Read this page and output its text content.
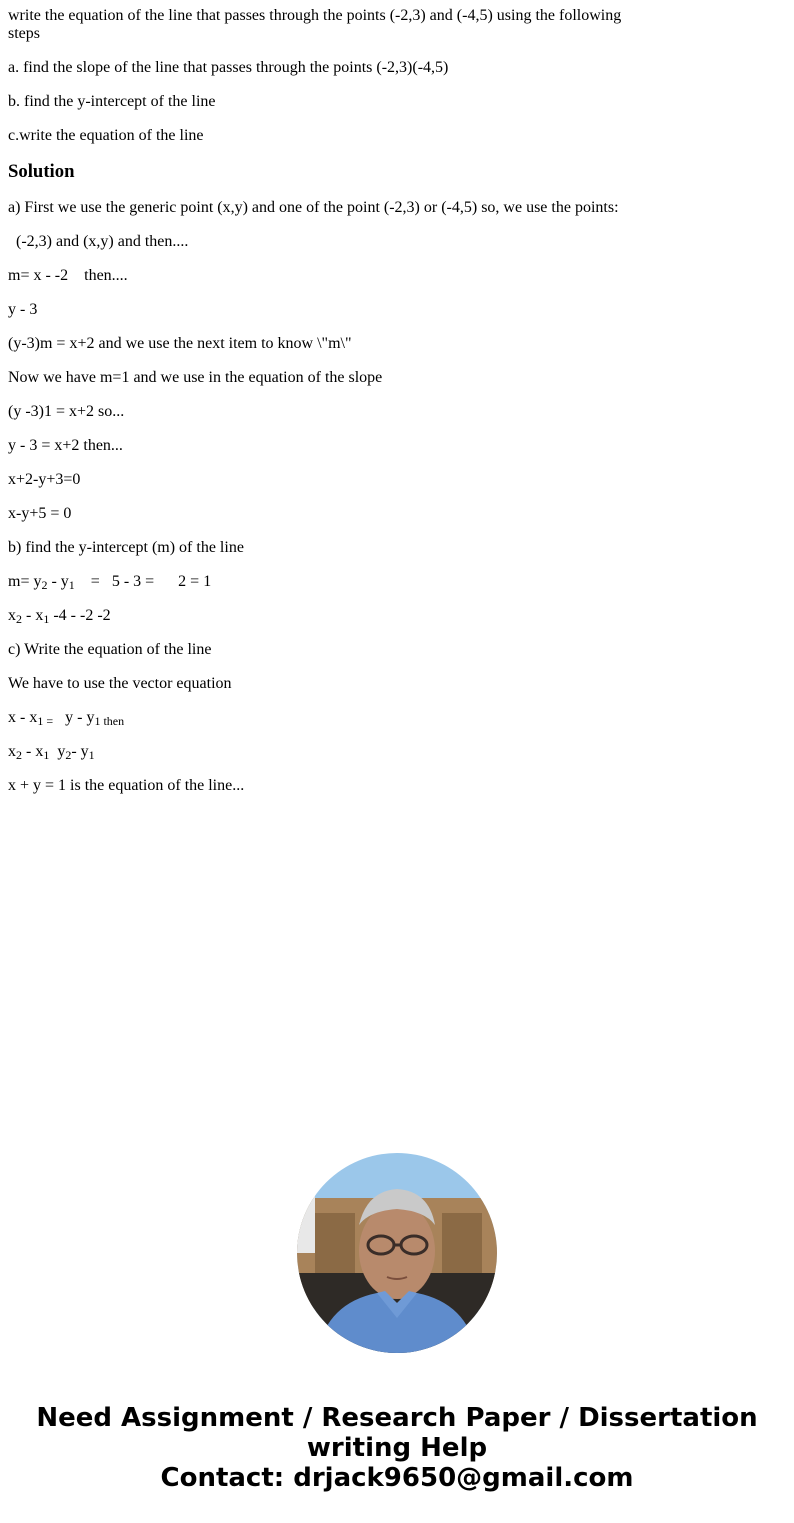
write the equation of the line that passes through the points (-2,3) and (-4,5) using the following steps
a. find the slope of the line that passes through the points (-2,3)(-4,5)
b. find the y-intercept of the line
c.write the equation of the line
Solution
a) First we use the generic point (x,y) and one of the point (-2,3) or (-4,5) so, we use the points:
(-2,3) and (x,y) and then....
m= x - -2    then....
y - 3
(y-3)m = x+2 and we use the next item to know \"m\"
Now we have m=1 and we use in the equation of the slope
(y -3)1 = x+2 so...
y - 3 = x+2 then...
x+2-y+3=0
x-y+5 = 0
b) find the y-intercept (m) of the line
$m= y_2 - y_1$    =   5 - 3 =      2 = 1
$x_2 - x_1$ -4 - -2 -2
c) Write the equation of the line
We have to use the vector equation
x - $x_{1 =}$   y - $y_{1 then}$
$x_2 - x_1$  $y_2-$ $y_1$
x + y = 1 is the equation of the line...
Need Assignment / Research Paper / Dissertation
writing Help
Contact: drjack9650@gmail.com
